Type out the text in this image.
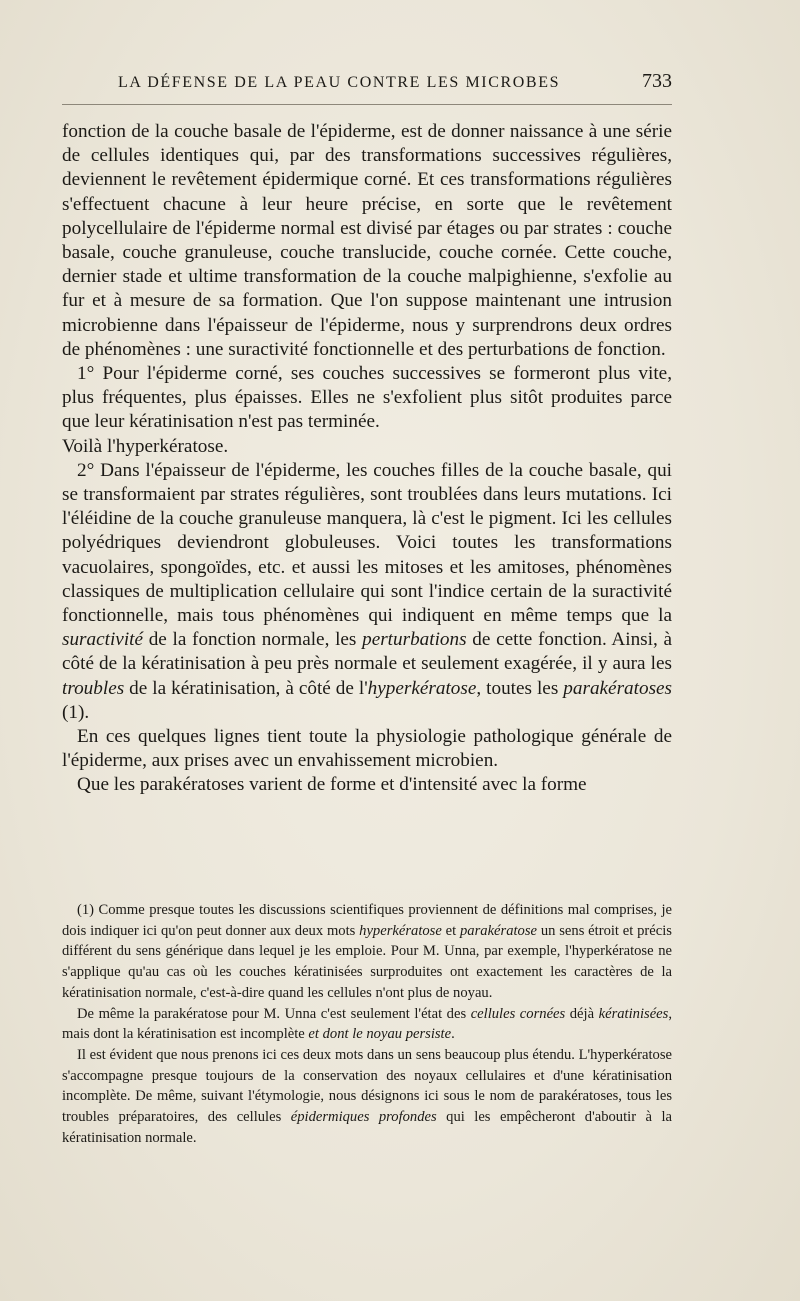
LA DÉFENSE DE LA PEAU CONTRE LES MICROBES	733

fonction de la couche basale de l'épiderme, est de donner naissance à une série de cellules identiques qui, par des transformations successives régulières, deviennent le revêtement épidermique corné. Et ces transformations régulières s'effectuent chacune à leur heure précise, en sorte que le revêtement polycellulaire de l'épiderme normal est divisé par étages ou par strates : couche basale, couche granuleuse, couche translucide, couche cornée. Cette couche, dernier stade et ultime transformation de la couche malpighienne, s'exfolie au fur et à mesure de sa formation. Que l'on suppose maintenant une intrusion microbienne dans l'épaisseur de l'épiderme, nous y surprendrons deux ordres de phénomènes : une suractivité fonctionnelle et des perturbations de fonction.

1° Pour l'épiderme corné, ses couches successives se formeront plus vite, plus fréquentes, plus épaisses. Elles ne s'exfolient plus sitôt produites parce que leur kératinisation n'est pas terminée.

Voilà l'hyperkératose.

2° Dans l'épaisseur de l'épiderme, les couches filles de la couche basale, qui se transformaient par strates régulières, sont troublées dans leurs mutations. Ici l'éléidine de la couche granuleuse manquera, là c'est le pigment. Ici les cellules polyédriques deviendront globuleuses. Voici toutes les transformations vacuolaires, spongoïdes, etc. et aussi les mitoses et les amitoses, phénomènes classiques de multiplication cellulaire qui sont l'indice certain de la suractivité fonctionnelle, mais tous phénomènes qui indiquent en même temps que la suractivité de la fonction normale, les perturbations de cette fonction. Ainsi, à côté de la kératinisation à peu près normale et seulement exagérée, il y aura les troubles de la kératinisation, à côté de l'hyperkératose, toutes les parakératoses (1).

En ces quelques lignes tient toute la physiologie pathologique générale de l'épiderme, aux prises avec un envahissement microbien.

Que les parakératoses varient de forme et d'intensité avec la forme

(1) Comme presque toutes les discussions scientifiques proviennent de définitions mal comprises, je dois indiquer ici qu'on peut donner aux deux mots hyperkératose et parakératose un sens étroit et précis différent du sens générique dans lequel je les emploie. Pour M. Unna, par exemple, l'hyperkératose ne s'applique qu'au cas où les couches kératinisées surproduites ont exactement les caractères de la kératinisation normale, c'est-à-dire quand les cellules n'ont plus de noyau.

De même la parakératose pour M. Unna c'est seulement l'état des cellules cornées déjà kératinisées, mais dont la kératinisation est incomplète et dont le noyau persiste.

Il est évident que nous prenons ici ces deux mots dans un sens beaucoup plus étendu. L'hyperkératose s'accompagne presque toujours de la conservation des noyaux cellulaires et d'une kératinisation incomplète. De même, suivant l'étymologie, nous désignons ici sous le nom de parakératoses, tous les troubles préparatoires, des cellules épidermiques profondes qui les empêcheront d'aboutir à la kératinisation normale.
